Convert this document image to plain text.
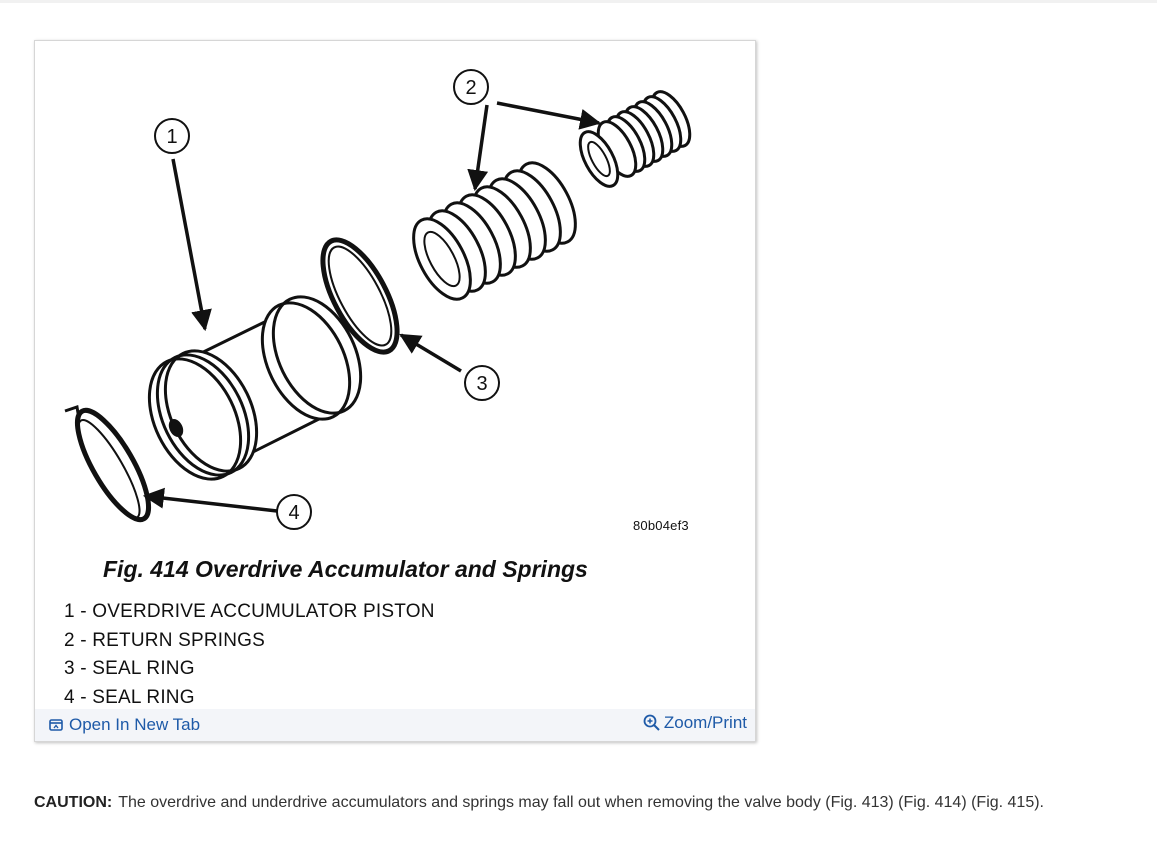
1
2
3
4
80b04ef3
Fig. 414 Overdrive Accumulator and Springs
1 - OVERDRIVE ACCUMULATOR PISTON
2 - RETURN SPRINGS
3 - SEAL RING
4 - SEAL RING
Open In New Tab	Zoom/Print
CAUTION: The overdrive and underdrive accumulators and springs may fall out when removing the valve body (Fig. 413) (Fig. 414) (Fig. 415).
